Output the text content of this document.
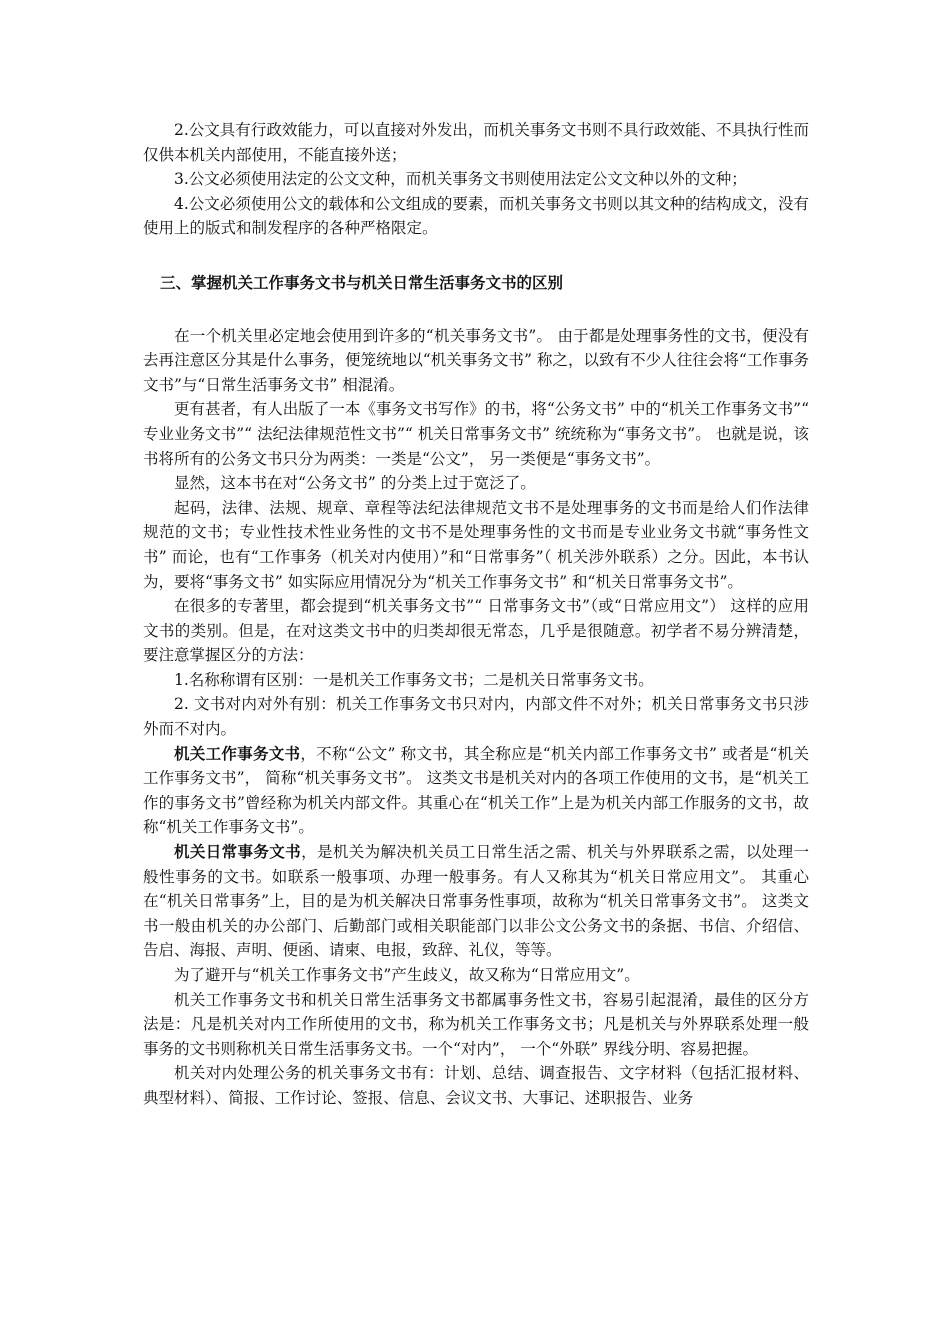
2.公文具有行政效能力，可以直接对外发出，而机关事务文书则不具行政效能、不具执行性而仅供本机关内部使用，不能直接外送；

3.公文必须使用法定的公文文种，而机关事务文书则使用法定公文文种以外的文种；

4.公文必须使用公文的载体和公文组成的要素，而机关事务文书则以其文种的结构成文，没有使用上的版式和制发程序的各种严格限定。

三、掌握机关工作事务文书与机关日常生活事务文书的区别

在一个机关里必定地会使用到许多的“机关事务文书”。 由于都是处理事务性的文书，便没有去再注意区分其是什么事务，便笼统地以“机关事务文书” 称之，以致有不少人往往会将“工作事务文书”与“日常生活事务文书” 相混淆。

更有甚者，有人出版了一本《事务文书写作》的书，将“公务文书” 中的“机关工作事务文书”“ 专业业务文书”“ 法纪法律规范性文书”“ 机关日常事务文书” 统统称为“事务文书”。 也就是说，该书将所有的公务文书只分为两类：一类是“公文”， 另一类便是“事务文书”。

显然，这本书在对“公务文书” 的分类上过于宽泛了。

起码，法律、法规、规章、章程等法纪法律规范文书不是处理事务的文书而是给人们作法律规范的文书；专业性技术性业务性的文书不是处理事务性的文书而是专业业务文书就“事务性文书” 而论，也有“工作事务（机关对内使用）”和“日常事务”（ 机关涉外联系）之分。因此，本书认为，要将“事务文书” 如实际应用情况分为“机关工作事务文书” 和“机关日常事务文书”。

在很多的专著里，都会提到“机关事务文书”“ 日常事务文书”（或“日常应用文”） 这样的应用文书的类别。但是，在对这类文书中的归类却很无常态，几乎是很随意。初学者不易分辨清楚，要注意掌握区分的方法：

1.名称称谓有区别：一是机关工作事务文书；二是机关日常事务文书。

2. 文书对内对外有别：机关工作事务文书只对内，内部文件不对外；机关日常事务文书只涉外而不对内。

机关工作事务文书，不称“公文” 称文书，其全称应是“机关内部工作事务文书” 或者是“机关工作事务文书”， 简称“机关事务文书”。 这类文书是机关对内的各项工作使用的文书，是“机关工作的事务文书”曾经称为机关内部文件。其重心在“机关工作”上是为机关内部工作服务的文书，故称“机关工作事务文书”。

机关日常事务文书，是机关为解决机关员工日常生活之需、机关与外界联系之需，以处理一般性事务的文书。如联系一般事项、办理一般事务。有人又称其为“机关日常应用文”。 其重心在“机关日常事务”上，目的是为机关解决日常事务性事项，故称为“机关日常事务文书”。 这类文书一般由机关的办公部门、后勤部门或相关职能部门以非公文公务文书的条据、书信、介绍信、告启、海报、声明、便函、请柬、电报，致辞、礼仪，等等。

为了避开与“机关工作事务文书”产生歧义，故又称为“日常应用文”。

机关工作事务文书和机关日常生活事务文书都属事务性文书，容易引起混淆，最佳的区分方法是：凡是机关对内工作所使用的文书，称为机关工作事务文书；凡是机关与外界联系处理一般事务的文书则称机关日常生活事务文书。一个“对内”， 一个“外联” 界线分明、容易把握。

机关对内处理公务的机关事务文书有：计划、总结、调查报告、文字材料（包括汇报材料、典型材料）、简报、工作讨论、签报、信息、会议文书、大事记、述职报告、业务
